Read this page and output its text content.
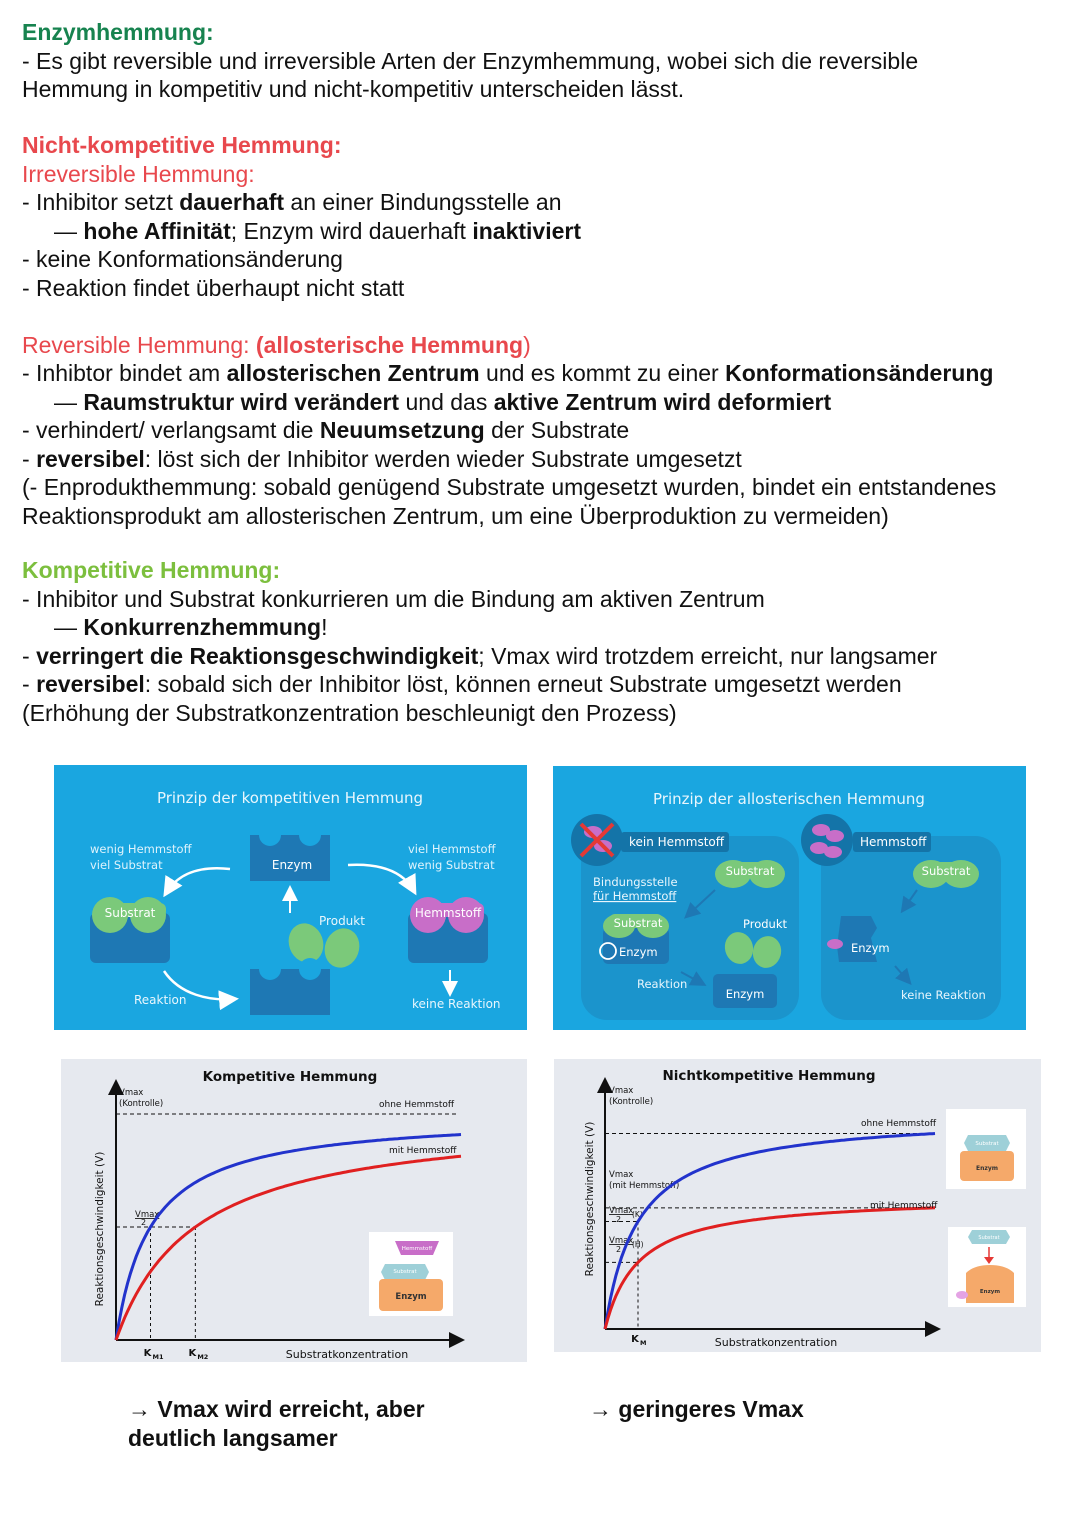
Enzymhemmung:
- Es gibt reversible und irreversible Arten der Enzymhemmung, wobei sich die reversible Hemmung in kompetitiv und nicht-kompetitiv unterscheiden lässt.
Nicht-kompetitive Hemmung:
Irreversible Hemmung:
- Inhibitor setzt dauerhaft an einer Bindungsstelle an
— hohe Affinität; Enzym wird dauerhaft inaktiviert
- keine Konformationsänderung
- Reaktion findet überhaupt nicht statt
Reversible Hemmung: (allosterische Hemmung)
- Inhibtor bindet am allosterischen Zentrum und es kommt zu einer Konformationsänderung
— Raumstruktur wird verändert und das aktive Zentrum wird deformiert
- verhindert/ verlangsamt die Neuumsetzung der Substrate
- reversibel: löst sich der Inhibitor werden wieder Substrate umgesetzt
(- Enprodukthemmung: sobald genügend Substrate umgesetzt wurden, bindet ein entstandenes Reaktionsprodukt am allosterischen Zentrum, um eine Überproduktion zu vermeiden)
Kompetitive Hemmung:
- Inhibitor und Substrat konkurrieren um die Bindung am aktiven Zentrum
— Konkurrenzhemmung!
- verringert die Reaktionsgeschwindigkeit; Vmax wird trotzdem erreicht, nur langsamer
- reversibel: sobald sich der Inhibitor löst, können erneut Substrate umgesetzt werden
(Erhöhung der Substratkonzentration beschleunigt den Prozess)
Prinzip der kompetitiven Hemmung
wenig Hemmstoff
viel Substrat
viel Hemmstoff
wenig Substrat
Enzym
Substrat
Produkt
Hemmstoff
Reaktion	keine Reaktion
Prinzip der allosterischen Hemmung
kein Hemmstoff	Hemmstoff
Bindungsstelle
für Hemmstoff
Substrat
Substrat
Enzym
Produkt
Enzym
Reaktion
Substrat
Enzym
keine Reaktion
Kompetitive Hemmung
Reaktionsgeschwindigkeit (V)
Substratkonzentration
Vmax
(Kontrolle)
Vmax
2
ohne Hemmstoff
mit Hemmstoff
K M1 K M2
Hemmstoff
Substrat
Enzym
Nichtkompetitive Hemmung
Reaktionsgeschwindigkeit (V)
Substratkonzentration
Vmax
(Kontrolle)
Vmax
(mit Hemmstoff)
Vmax
2
(K)
Vmax
2
(H)
ohne Hemmstoff
mit Hemmstoff
K M
Substrat
Enzym
Substrat
Enzym
→ Vmax wird erreicht, aber
deutlich langsamer
→ geringeres Vmax
